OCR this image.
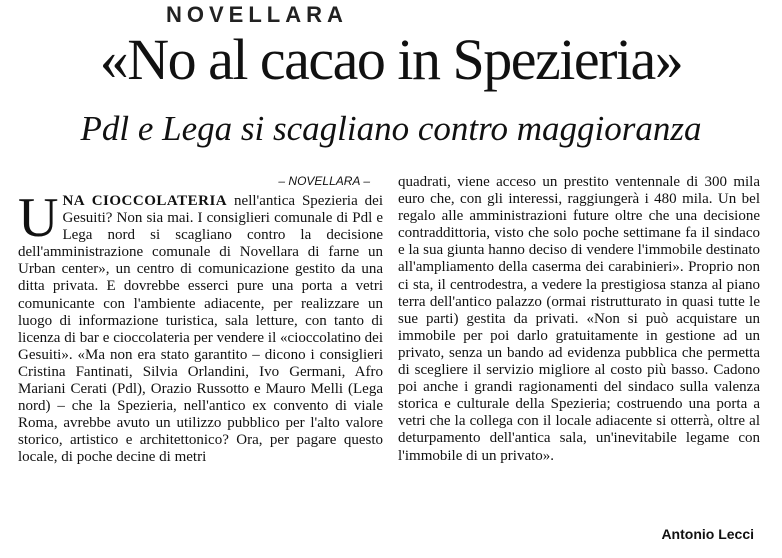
NOVELLARA
«No al cacao in Spezieria»
Pdl e Lega si scagliano contro maggioranza
– NOVELLARA –

UNA CIOCCOLATERIA nell'antica Spezieria dei Gesuiti? Non sia mai. I consiglieri comunale di Pdl e Lega nord si scagliano contro la decisione dell'amministrazione comunale di Novellara di farne un Urban center», un centro di comunicazione gestito da una ditta privata. E dovrebbe esserci pure una porta a vetri comunicante con l'ambiente adiacente, per realizzare un luogo di informazione turistica, sala letture, con tanto di licenza di bar e cioccolateria per vendere il «cioccolatino dei Gesuiti». «Ma non era stato garantito – dicono i consiglieri Cristina Fantinati, Silvia Orlandini, Ivo Germani, Afro Mariani Cerati (Pdl), Orazio Russotto e Mauro Melli (Lega nord) – che la Spezieria, nell'antico ex convento di viale Roma, avrebbe avuto un utilizzo pubblico per l'alto valore storico, artistico e architettonico? Ora, per pagare questo locale, di poche decine di metri

quadrati, viene acceso un prestito ventennale di 300 mila euro che, con gli interessi, raggiungerà i 480 mila. Un bel regalo alle amministrazioni future oltre che una decisione contraddittoria, visto che solo poche settimane fa il sindaco e la sua giunta hanno deciso di vendere l'immobile destinato all'ampliamento della caserma dei carabinieri». Proprio non ci sta, il centrodestra, a vedere la prestigiosa stanza al piano terra dell'antico palazzo (ormai ristrutturato in quasi tutte le sue parti) gestita da privati. «Non si può acquistare un immobile per poi darlo gratuitamente in gestione ad un privato, senza un bando ad evidenza pubblica che permetta di scegliere il servizio migliore al costo più basso. Cadono poi anche i grandi ragionamenti del sindaco sulla valenza storica e culturale della Spezieria; costruendo una porta a vetri che la collega con il locale adiacente si otterrà, oltre al deturpamento dell'antica sala, un'inevitabile legame con l'immobile di un privato».

Antonio Lecci
